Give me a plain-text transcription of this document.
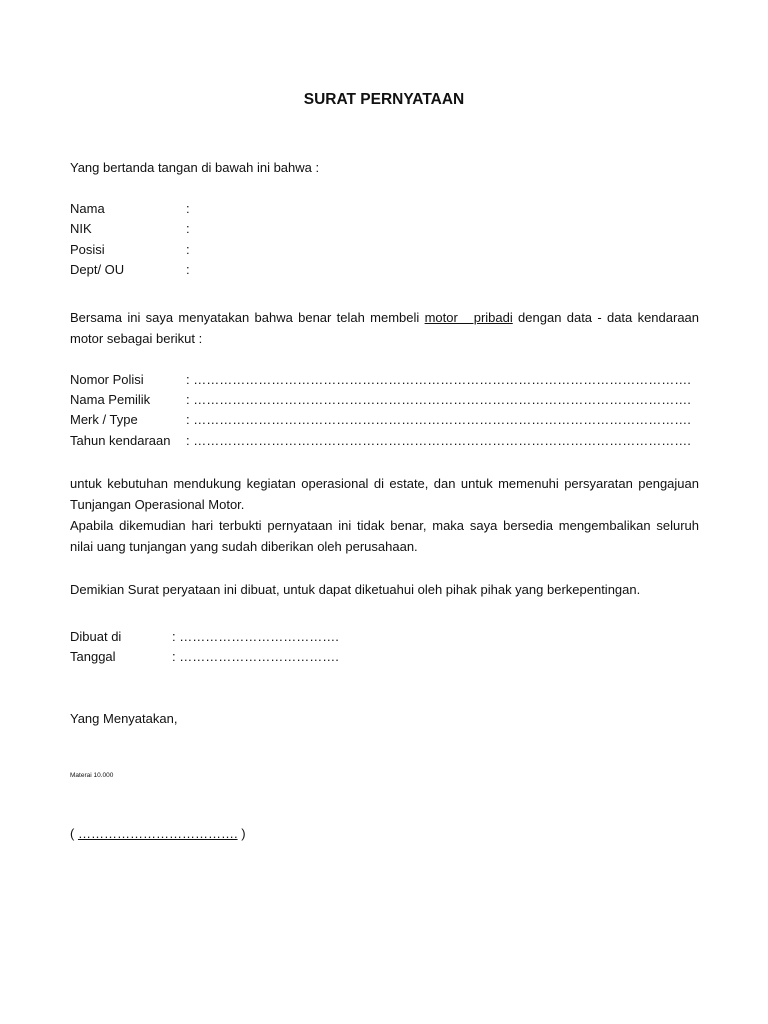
SURAT PERNYATAAN
Yang bertanda tangan di bawah ini bahwa :
Nama	:
NIK	:
Posisi	:
Dept/ OU	:
Bersama ini saya menyatakan bahwa benar telah membeli motor   pribadi dengan data - data kendaraan motor sebagai berikut :
Nomor Polisi	: …………………………………………………………………………………………………….
Nama Pemilik	: …………………………………………………………………………………………………….
Merk / Type	: …………………………………………………………………………………………………….
Tahun kendaraan : …………………………………………………………………………………………………….
untuk kebutuhan mendukung kegiatan operasional di estate, dan untuk memenuhi persyaratan pengajuan Tunjangan Operasional Motor.
Apabila dikemudian hari terbukti pernyataan ini tidak benar, maka saya bersedia mengembalikan seluruh nilai uang tunjangan yang sudah diberikan oleh perusahaan.
Demikian Surat peryataan ini dibuat, untuk dapat diketuahui oleh pihak pihak yang berkepentingan.
Dibuat di	: ……………………………….
Tanggal	: ……………………………….
Yang Menyatakan,
Materai 10.000
( ………………………………. )
